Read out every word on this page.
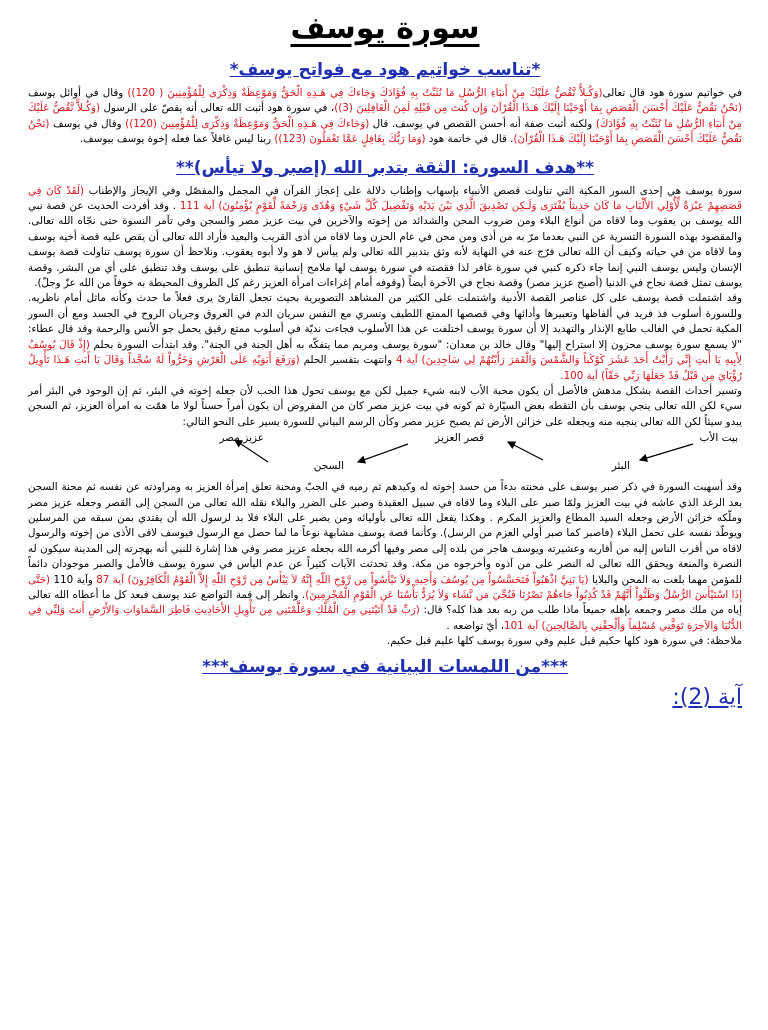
سورة يوسف
*تناسب خواتيم هود مع فواتح يوسف*

في خواتيم سورة هود قال تعالى(وَكُـلاًّ نَّقُصُّ عَلَيْكَ مِنْ أَنبَاءِ الرُّسُلِ مَا نُثَبِّتُ بِهِ فُؤَادَكَ وَجَاءكَ فِي هَـذِهِ الْحَقُّ وَمَوْعِظَةٌ وَذِكْرَى لِلْمُؤْمِنِينَ ( 120)) وقال في أوائل يوسف (نَحْنُ نَقُصُّ عَلَيْكَ أَحْسَنَ الْقَصَصِ بِمَا أَوْحَيْنَا إِلَيْكَ هَـذَا الْقُرْآنَ وَإِن كُنتَ مِن قَبْلِهِ لَمِنَ الْغَافِلِينَ (3))، في سورة هود أثبت الله تعالى أنه يقصّ على الرسول (وَكُـلاًّ نَّقُصُّ عَلَيْكَ مِنْ أَنبَاءِ الرُّسُلِ مَا نُثَبِّتُ بِهِ فُؤَادَكَ) ولكنه أثبت صفة أنه أحسن القصص في يوسف. قال (وَجَاءكَ فِي هَـذِهِ الْحَقُّ وَمَوْعِظَةٌ وَذِكْرَى لِلْمُؤْمِنِينَ (120)) وقال في يوسف (نَحْنُ نَقُصُّ عَلَيْكَ أَحْسَنَ الْقَصَصِ بِمَا أَوْحَيْنَا إِلَيْكَ هَـذَا الْقُرْآنَ). قال في خاتمة هود (وَمَا رَبُّكَ بِغَافِلٍ عَمَّا تَعْمَلُونَ (123)) ربنا ليس غافلاً عما فعله إخوة يوسف بيوسف.

**هدف السورة: الثقة بتدبر الله (إصبر ولا تيأس)**

سورة يوسف هي إحدى السور المكية التي تناولت قصص الأنبياء بإسهاب وإطناب دلالة على إعجاز القرآن في المجمل والمفصّل وفي الإيجاز والإطناب (لَقَدْ كَانَ فِي قَصَصِهِمْ عِبْرَةٌ لِّأُوْلِي الأَلْبَابِ مَا كَانَ حَدِيثاً يُفْتَرَى وَلَـكِن تَصْدِيقَ الَّذِي بَيْنَ يَدَيْهِ وَتَفْصِيلَ كُلَّ شَيْءٍ وَهُدًى وَرَحْمَةً لِّقَوْمٍ يُؤْمِنُونَ) آية 111 . وقد أفردت الحديث عن قصة نبي الله يوسف بن يعقوب وما لاقاه من أنواع البلاء ومن ضروب المحن والشدائد من إخوته والآخرين في بيت عزيز مصر والسجن وفي تآمر النسوة حتى نجّاه الله تعالى. والمقصود بهذه السورة التسرية عن النبي بعدما مرّ به من أذى ومن محن في عام الحزن وما لاقاه من أذى القريب والبعيد فأراد الله تعالى أن يقص عليه قصة أخيه يوسف وما لاقاه من في حياته وكيف أن الله تعالى فرّج عنه في النهاية لأنه وثق بتدبير الله تعالى ولم ييأس لا هو ولا أبوه يعقوب. ونلاحظ أن سورة يوسف تناولت قصة يوسف الإنسان وليس يوسف النبي إنما جاء ذكره كنبي في سورة غافر لذا فقصته في سورة يوسف لها ملامح إنسانية تنطبق على يوسف وقد تنطبق على أي من البشر. وقصة يوسف تمثل قصة نجاح في الدنيا (أصبح عزيز مصر) وقصة نجاح في الآخرة أيضاً (وقوفه أمام إغراءات امرأة العزيز رغم كل الظروف المحيطة به خوفاً من الله عزّ وجلّ).
وقد اشتملت قصة يوسف على كل عناصر القصة الأدبية واشتملت على الكثير من المشاهد التصويرية بحيث تجعل القارئ يرى فعلاً ما حدث وكأنه ماثل أمام ناظريه. وللسورة أسلوب فذ فريد في ألفاظها وتعبيرها وأدائها وفي قصصها الممتع اللطيف وتسري مع النفس سريان الدم في العروق وجريان الروح في الجسد ومع أن السور المكية تحمل في الغالب طابع الإنذار والتهديد إلا أن سورة يوسف اختلفت عن هذا الأسلوب فجاءت نديّة في أسلوب ممتع رقيق يحمل جو الأنس والرحمة وقد قال عطاء: "لا يسمع سورة يوسف محزون إلا استراح إليها" وقال خالد بن معدان: "سورة يوسف ومريم مما يتفكّه به أهل الجنة في الجنة". وقد ابتدأت السورة بحلم (إِذْ قَالَ يُوسُفُ لِأَبِيهِ يَا أَبتِ إِنِّي رَأَيْتُ أَحَدَ عَشَرَ كَوْكَباً وَالشَّمْسَ وَالْقَمَرَ رَأَيْتُهُمْ لِي سَاجِدِينَ) آية 4 وانتهت بتفسير الحلم (وَرَفَعَ أَبَوَيْهِ عَلَى الْعَرْشِ وَخَرُّواْ لَهُ سُجَّداً وَقَالَ يَا أَبَتِ هَـذَا تَأْوِيلُ رُؤْيَايَ مِن قَبْلُ قَدْ جَعَلَهَا رَبِّي حَقّاً) آية 100.
وتسير أحداث القصة بشكل مدهش فالأصل أن يكون محبة الأب لابنه شيء جميل لكن مع يوسف تحول هذا الحب لأن جعله إخوته في البئر، ثم إن الوجود في البئر أمر سيء لكن الله تعالى ينجي يوسف بأن التقطه بعض السيّارة ثم كونه في بيت عزيز مصر كان من المفروض أن يكون أمراً حسناً لولا ما همّت به امرأة العزيز، ثم السجن يبدو سيئاً لكن الله تعالى ينجيه منه ويجعله على خزائن الأرض ثم يصبح عزيز مصر وكأن الرسم البياني للسورة يسير على النحو التالي:

بيت الأب
قصر العزيز
عزيز مصر
البئر
السجن

وقد أسهبت السورة في ذكر صبر يوسف على محنته بدءاً من حسد إخوته له وكيدهم ثم رميه في الجبّ ومحنة تعلق إمرأة العزيز به ومراودته عن نفسه ثم محنة السجن بعد الرغد الذي عاشه في بيت العزيز ولمّا صبر على البلاء وما لاقاه في سبيل العقيدة وصبر على الضرر والبلاء نقله الله تعالى من السجن إلى القصر وجعله عزيز مصر وملّكه خزائن الأرض وجعله السيد المطاع والعزيز المكرم . وهكذا يفعل الله تعالى بأوليائه ومن يصبر على البلاء فلا بد لرسول الله أن يقتدي بمن سبقه من المرسلين ويوطّد نفسه على تحمل البلاء (فاصبر كما صبر أولي العزم من الرسل). وكأنما قصة يوسف مشابهة نوعاً ما لما حصل مع الرسول فيوسف لاقى الأذى من إخوته والرسول لاقاه من أقرب الناس إليه من أقاربه وعشيرته ويوسف هاجر من بلده إلى مصر وفيها أكرمه الله بجعله عزيز مصر وفي هذا إشارة للنبي أنه بهجرته إلى المدينة سيكون له النصرة والمنعة ويحقق الله تعالى له النصر على من آذوه وأخرجوه من مكة. وقد تحدثت الآيات كثيراً عن عدم اليأس في سورة يوسف فالأمل والصبر موجودان دائماً للمؤمن مهما بلغت به المحن والبلايا (يَا بَنِيَّ اذْهَبُواْ فَتَحَسَّسُواْ مِن يُوسُفَ وَأَخِيهِ وَلاَ تَيْأَسُواْ مِن رَّوْحِ اللّهِ إِنَّهُ لاَ يَيْأَسُ مِن رَّوْحِ اللّهِ إِلاَّ الْقَوْمُ الْكَافِرُونَ) آية 87 وآية 110 (حَتَّى إِذَا اسْتَيْأَسَ الرُّسُلُ وَظَنُّواْ أَنَّهُمْ قَدْ كُذِبُواْ جَاءهُمْ نَصْرُنَا فَنُجِّيَ مَن نَّشَاء وَلاَ يُرَدُّ بَأْسُنَا عَنِ الْقَوْمِ الْمُجْرِمِينَ). وانظر إلى قمة التواضع عند يوسف فبعد كل ما أعطاه الله تعالى إياه من ملك مصر وجمعه بإهله جميعاً ماذا طلب من ربه بعد هذا كله؟ قال: (رَبِّ قَدْ آتَيْتَنِي مِنَ الْمُلْكِ وَعَلَّمْتَنِي مِن تَأْوِيلِ الأَحَادِيثِ فَاطِرَ السَّمَاوَاتِ وَالأَرْضِ أَنتَ وَلِيِّي فِي الدُّنُيَا وَالآخِرَةِ تَوَفَّنِي مُسْلِماً وَأَلْحِقْنِي بِالصَّالِحِينَ) آية 101، أيّ تواضعه .

ملاحظة: في سورة هود كلها حكيم قبل عليم وفي سورة يوسف كلها عليم قبل حكيم.

***من اللمسات البيانية في سورة يوسف***
آية (2):
